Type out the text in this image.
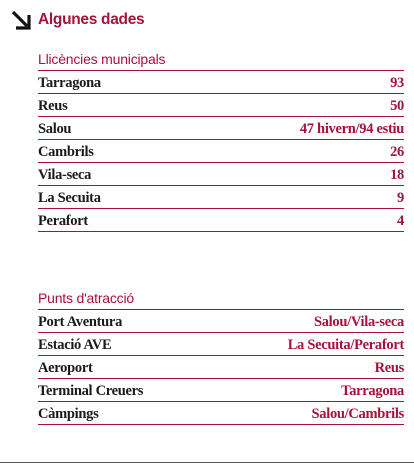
Algunes dades
Llicències municipals
Tarragona	93
Reus	50
Salou	47 hivern/94 estiu
Cambrils	26
Vila-seca	18
La Secuita	9
Perafort	4
Punts d'atracció
Port Aventura	Salou/Vila-seca
Estació AVE	La Secuita/Perafort
Aeroport	Reus
Terminal Creuers	Tarragona
Càmpings	Salou/Cambrils
